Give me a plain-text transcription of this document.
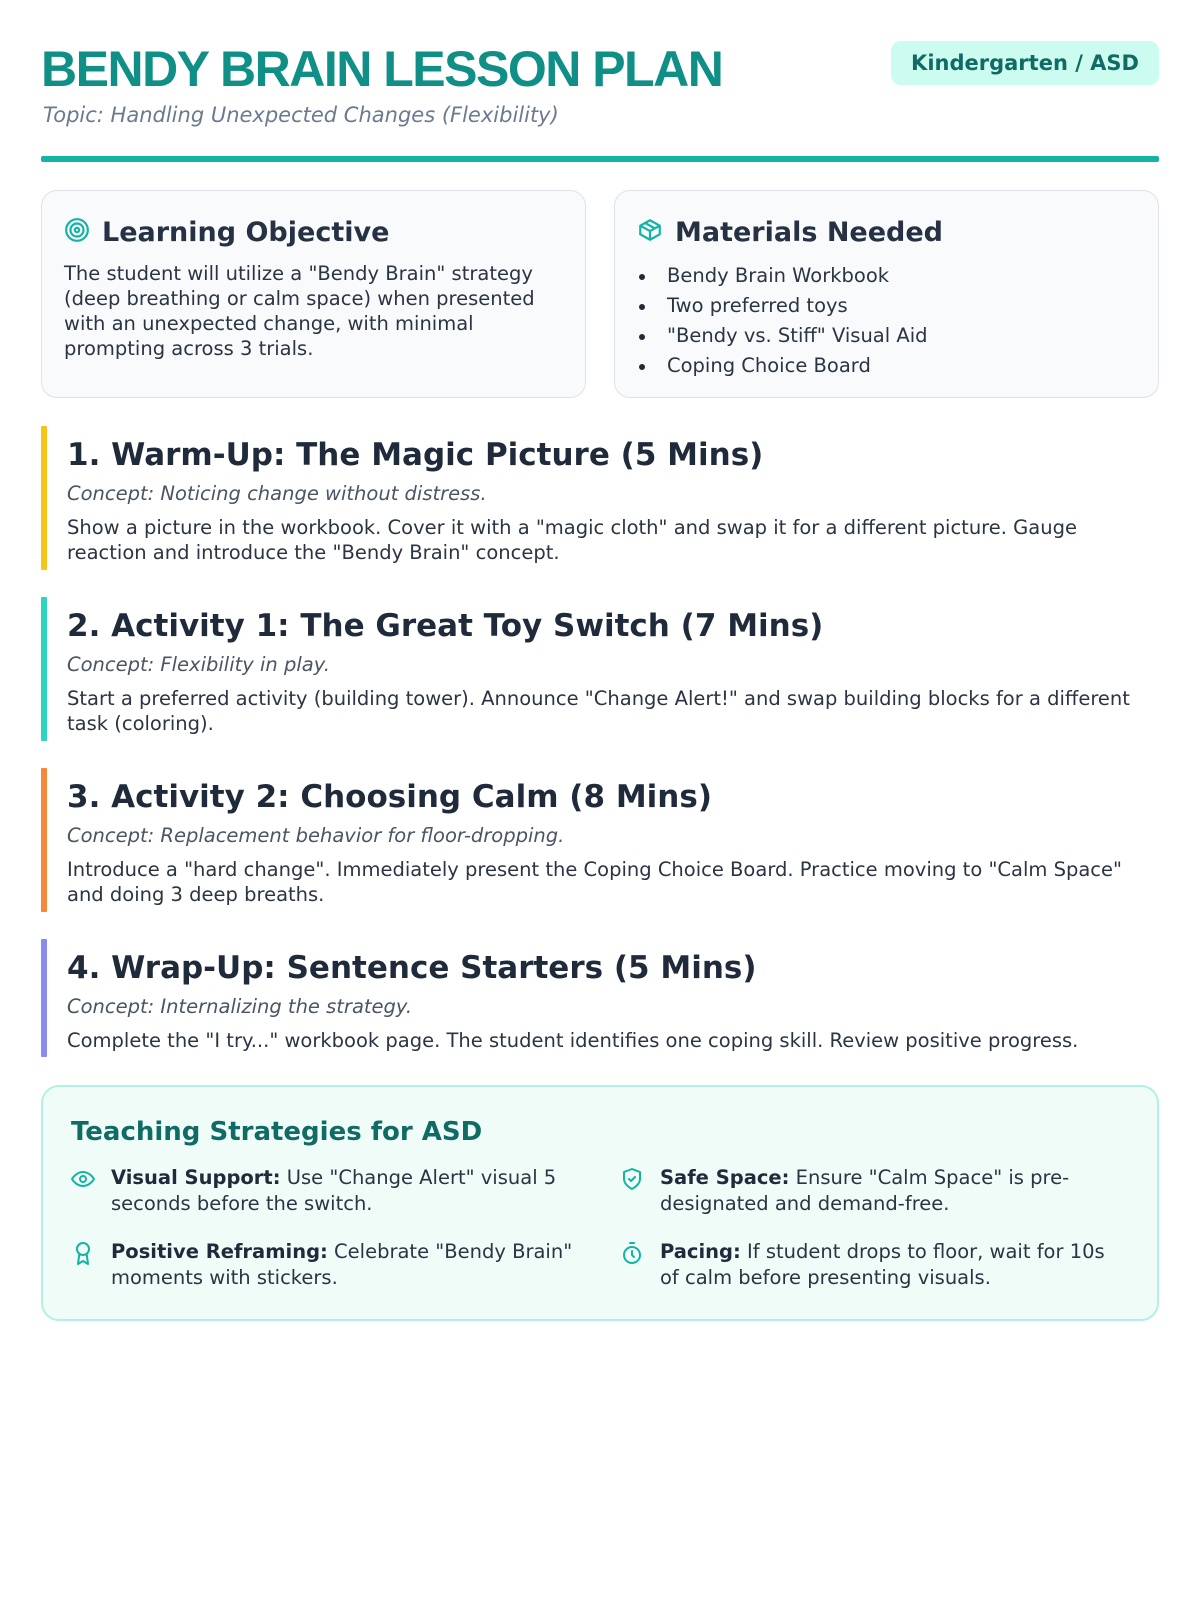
BENDY BRAIN LESSON PLAN
Topic: Handling Unexpected Changes (Flexibility)
Kindergarten / ASD
Learning Objective
The student will utilize a "Bendy Brain" strategy (deep breathing or calm space) when presented with an unexpected change, with minimal prompting across 3 trials.
Materials Needed
Bendy Brain Workbook
Two preferred toys
"Bendy vs. Stiff" Visual Aid
Coping Choice Board
1. Warm-Up: The Magic Picture (5 Mins)
Concept: Noticing change without distress.
Show a picture in the workbook. Cover it with a "magic cloth" and swap it for a different picture. Gauge reaction and introduce the "Bendy Brain" concept.
2. Activity 1: The Great Toy Switch (7 Mins)
Concept: Flexibility in play.
Start a preferred activity (building tower). Announce "Change Alert!" and swap building blocks for a different task (coloring).
3. Activity 2: Choosing Calm (8 Mins)
Concept: Replacement behavior for floor-dropping.
Introduce a "hard change". Immediately present the Coping Choice Board. Practice moving to "Calm Space" and doing 3 deep breaths.
4. Wrap-Up: Sentence Starters (5 Mins)
Concept: Internalizing the strategy.
Complete the "I try..." workbook page. The student identifies one coping skill. Review positive progress.
Teaching Strategies for ASD

Visual Support: Use "Change Alert" visual 5 seconds before the switch.

Safe Space: Ensure "Calm Space" is pre-designated and demand-free.

Positive Reframing: Celebrate "Bendy Brain" moments with stickers.

Pacing: If student drops to floor, wait for 10s of calm before presenting visuals.
